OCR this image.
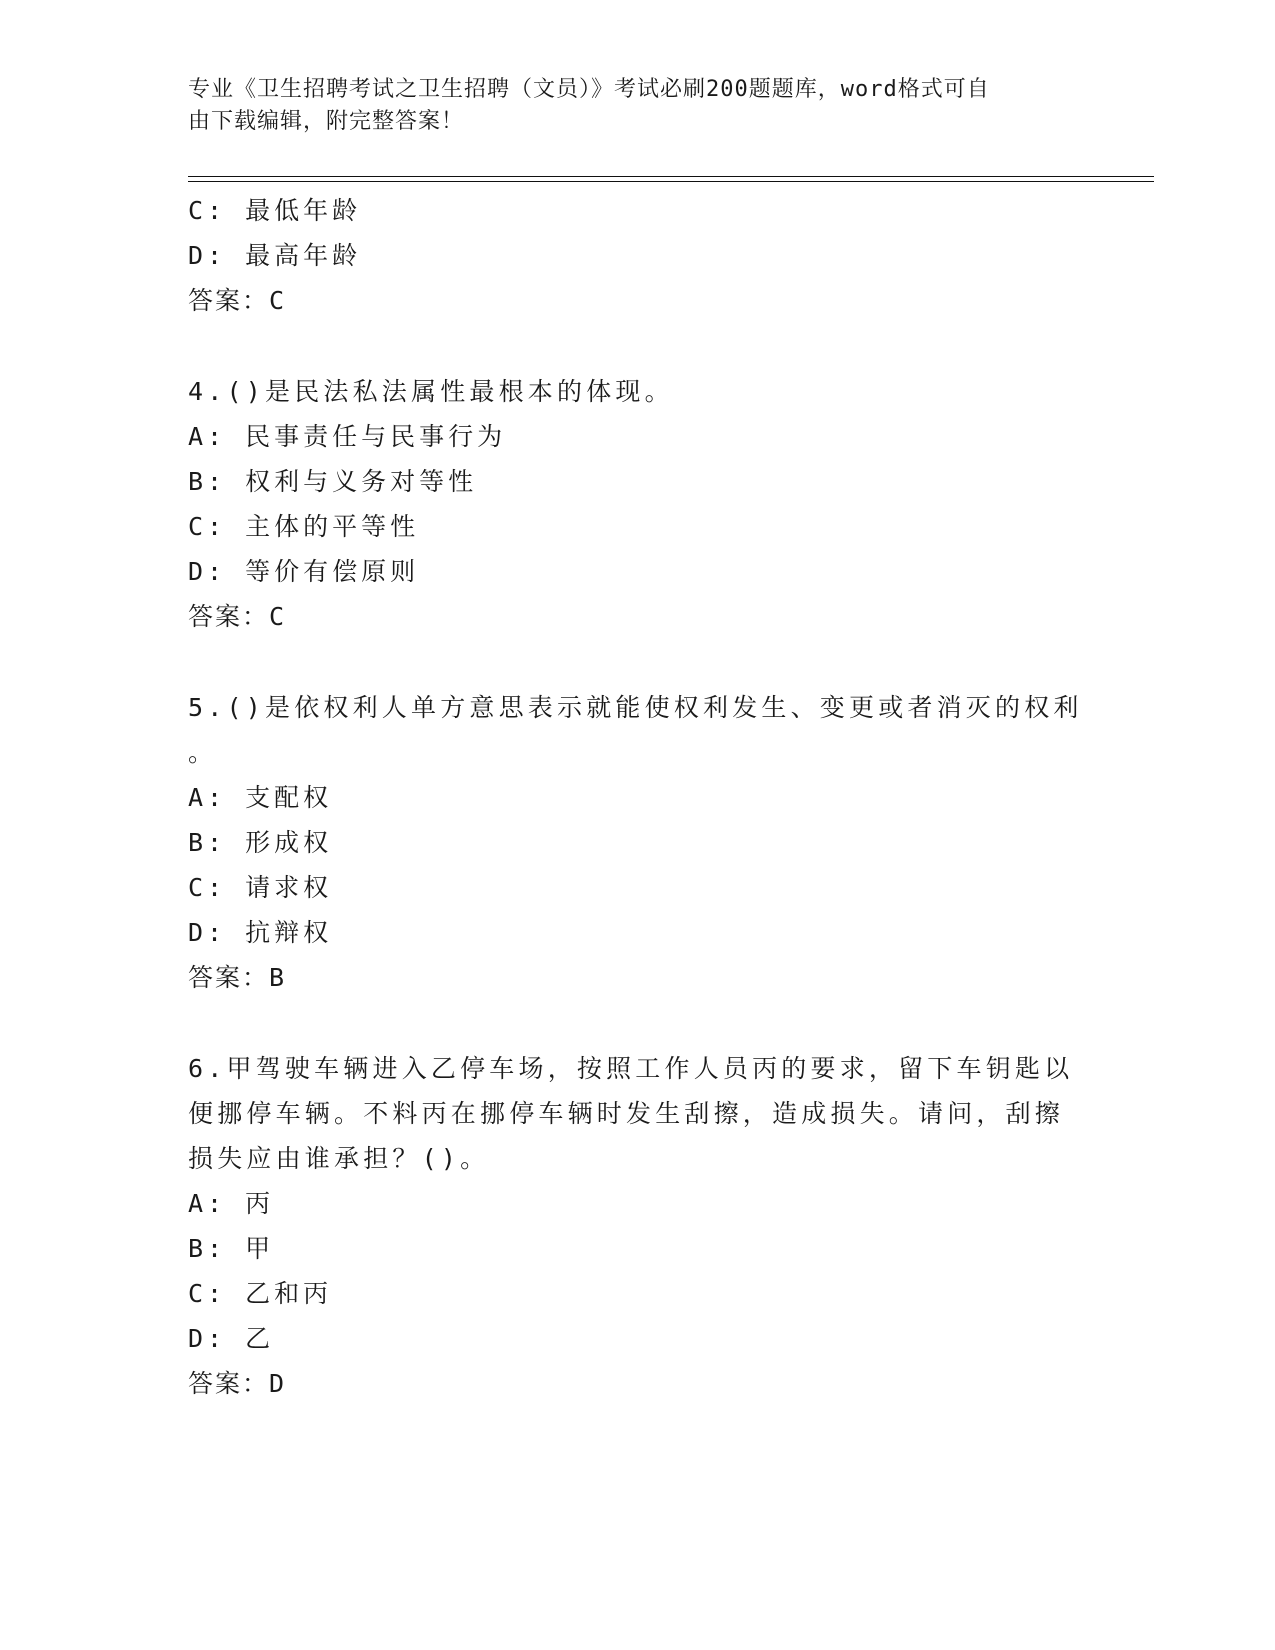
专业《卫生招聘考试之卫生招聘（文员）》考试必刷200题题库，word格式可自
由下载编辑，附完整答案！
C: 最低年龄
D: 最高年龄
答案：C
4.()是民法私法属性最根本的体现。
A: 民事责任与民事行为
B: 权利与义务对等性
C: 主体的平等性
D: 等价有偿原则
答案：C
5.()是依权利人单方意思表示就能使权利发生、变更或者消灭的权利
。
A: 支配权
B: 形成权
C: 请求权
D: 抗辩权
答案：B
6.甲驾驶车辆进入乙停车场，按照工作人员丙的要求，留下车钥匙以
便挪停车辆。不料丙在挪停车辆时发生刮擦，造成损失。请问，刮擦
损失应由谁承担？()。
A: 丙
B: 甲
C: 乙和丙
D: 乙
答案：D
